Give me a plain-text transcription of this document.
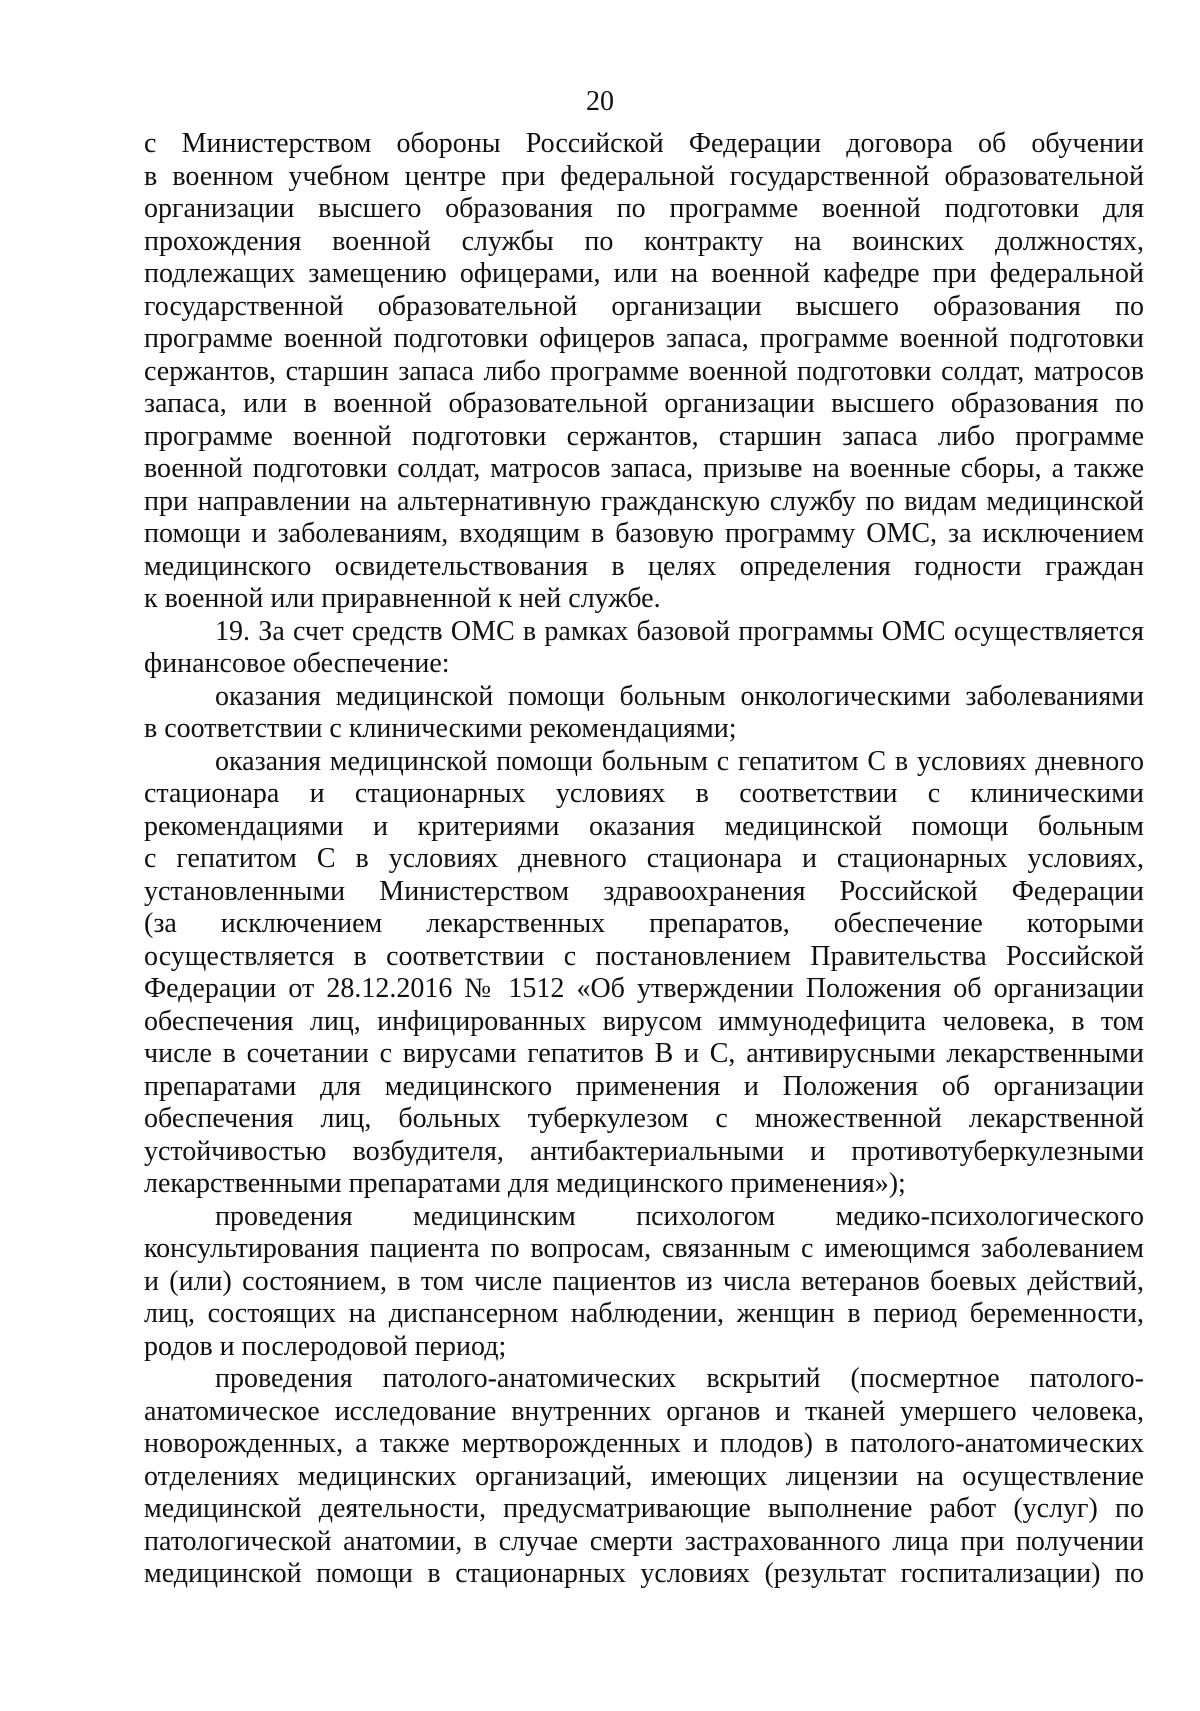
20
с Министерством обороны Российской Федерации договора об обучении
в военном учебном центре при федеральной государственной образовательной
организации высшего образования по программе военной подготовки для
прохождения военной службы по контракту на воинских должностях,
подлежащих замещению офицерами, или на военной кафедре при федеральной
государственной образовательной организации высшего образования по
программе военной подготовки офицеров запаса, программе военной подготовки
сержантов, старшин запаса либо программе военной подготовки солдат, матросов
запаса, или в военной образовательной организации высшего образования по
программе военной подготовки сержантов, старшин запаса либо программе
военной подготовки солдат, матросов запаса, призыве на военные сборы, а также
при направлении на альтернативную гражданскую службу по видам медицинской
помощи и заболеваниям, входящим в базовую программу ОМС, за исключением
медицинского освидетельствования в целях определения годности граждан
к военной или приравненной к ней службе.
19. За счет средств ОМС в рамках базовой программы ОМС осуществляется
финансовое обеспечение:
оказания медицинской помощи больным онкологическими заболеваниями
в соответствии с клиническими рекомендациями;
оказания медицинской помощи больным с гепатитом С в условиях дневного
стационара и стационарных условиях в соответствии с клиническими
рекомендациями и критериями оказания медицинской помощи больным
с гепатитом С в условиях дневного стационара и стационарных условиях,
установленными Министерством здравоохранения Российской Федерации
(за исключением лекарственных препаратов, обеспечение которыми
осуществляется в соответствии с постановлением Правительства Российской
Федерации от 28.12.2016 № 1512 «Об утверждении Положения об организации
обеспечения лиц, инфицированных вирусом иммунодефицита человека, в том
числе в сочетании с вирусами гепатитов В и С, антивирусными лекарственными
препаратами для медицинского применения и Положения об организации
обеспечения лиц, больных туберкулезом с множественной лекарственной
устойчивостью возбудителя, антибактериальными и противотуберкулезными
лекарственными препаратами для медицинского применения»);
проведения медицинским психологом медико-психологического
консультирования пациента по вопросам, связанным с имеющимся заболеванием
и (или) состоянием, в том числе пациентов из числа ветеранов боевых действий,
лиц, состоящих на диспансерном наблюдении, женщин в период беременности,
родов и послеродовой период;
проведения патолого-анатомических вскрытий (посмертное патолого-
анатомическое исследование внутренних органов и тканей умершего человека,
новорожденных, а также мертворожденных и плодов) в патолого-анатомических
отделениях медицинских организаций, имеющих лицензии на осуществление
медицинской деятельности, предусматривающие выполнение работ (услуг) по
патологической анатомии, в случае смерти застрахованного лица при получении
медицинской помощи в стационарных условиях (результат госпитализации) по
